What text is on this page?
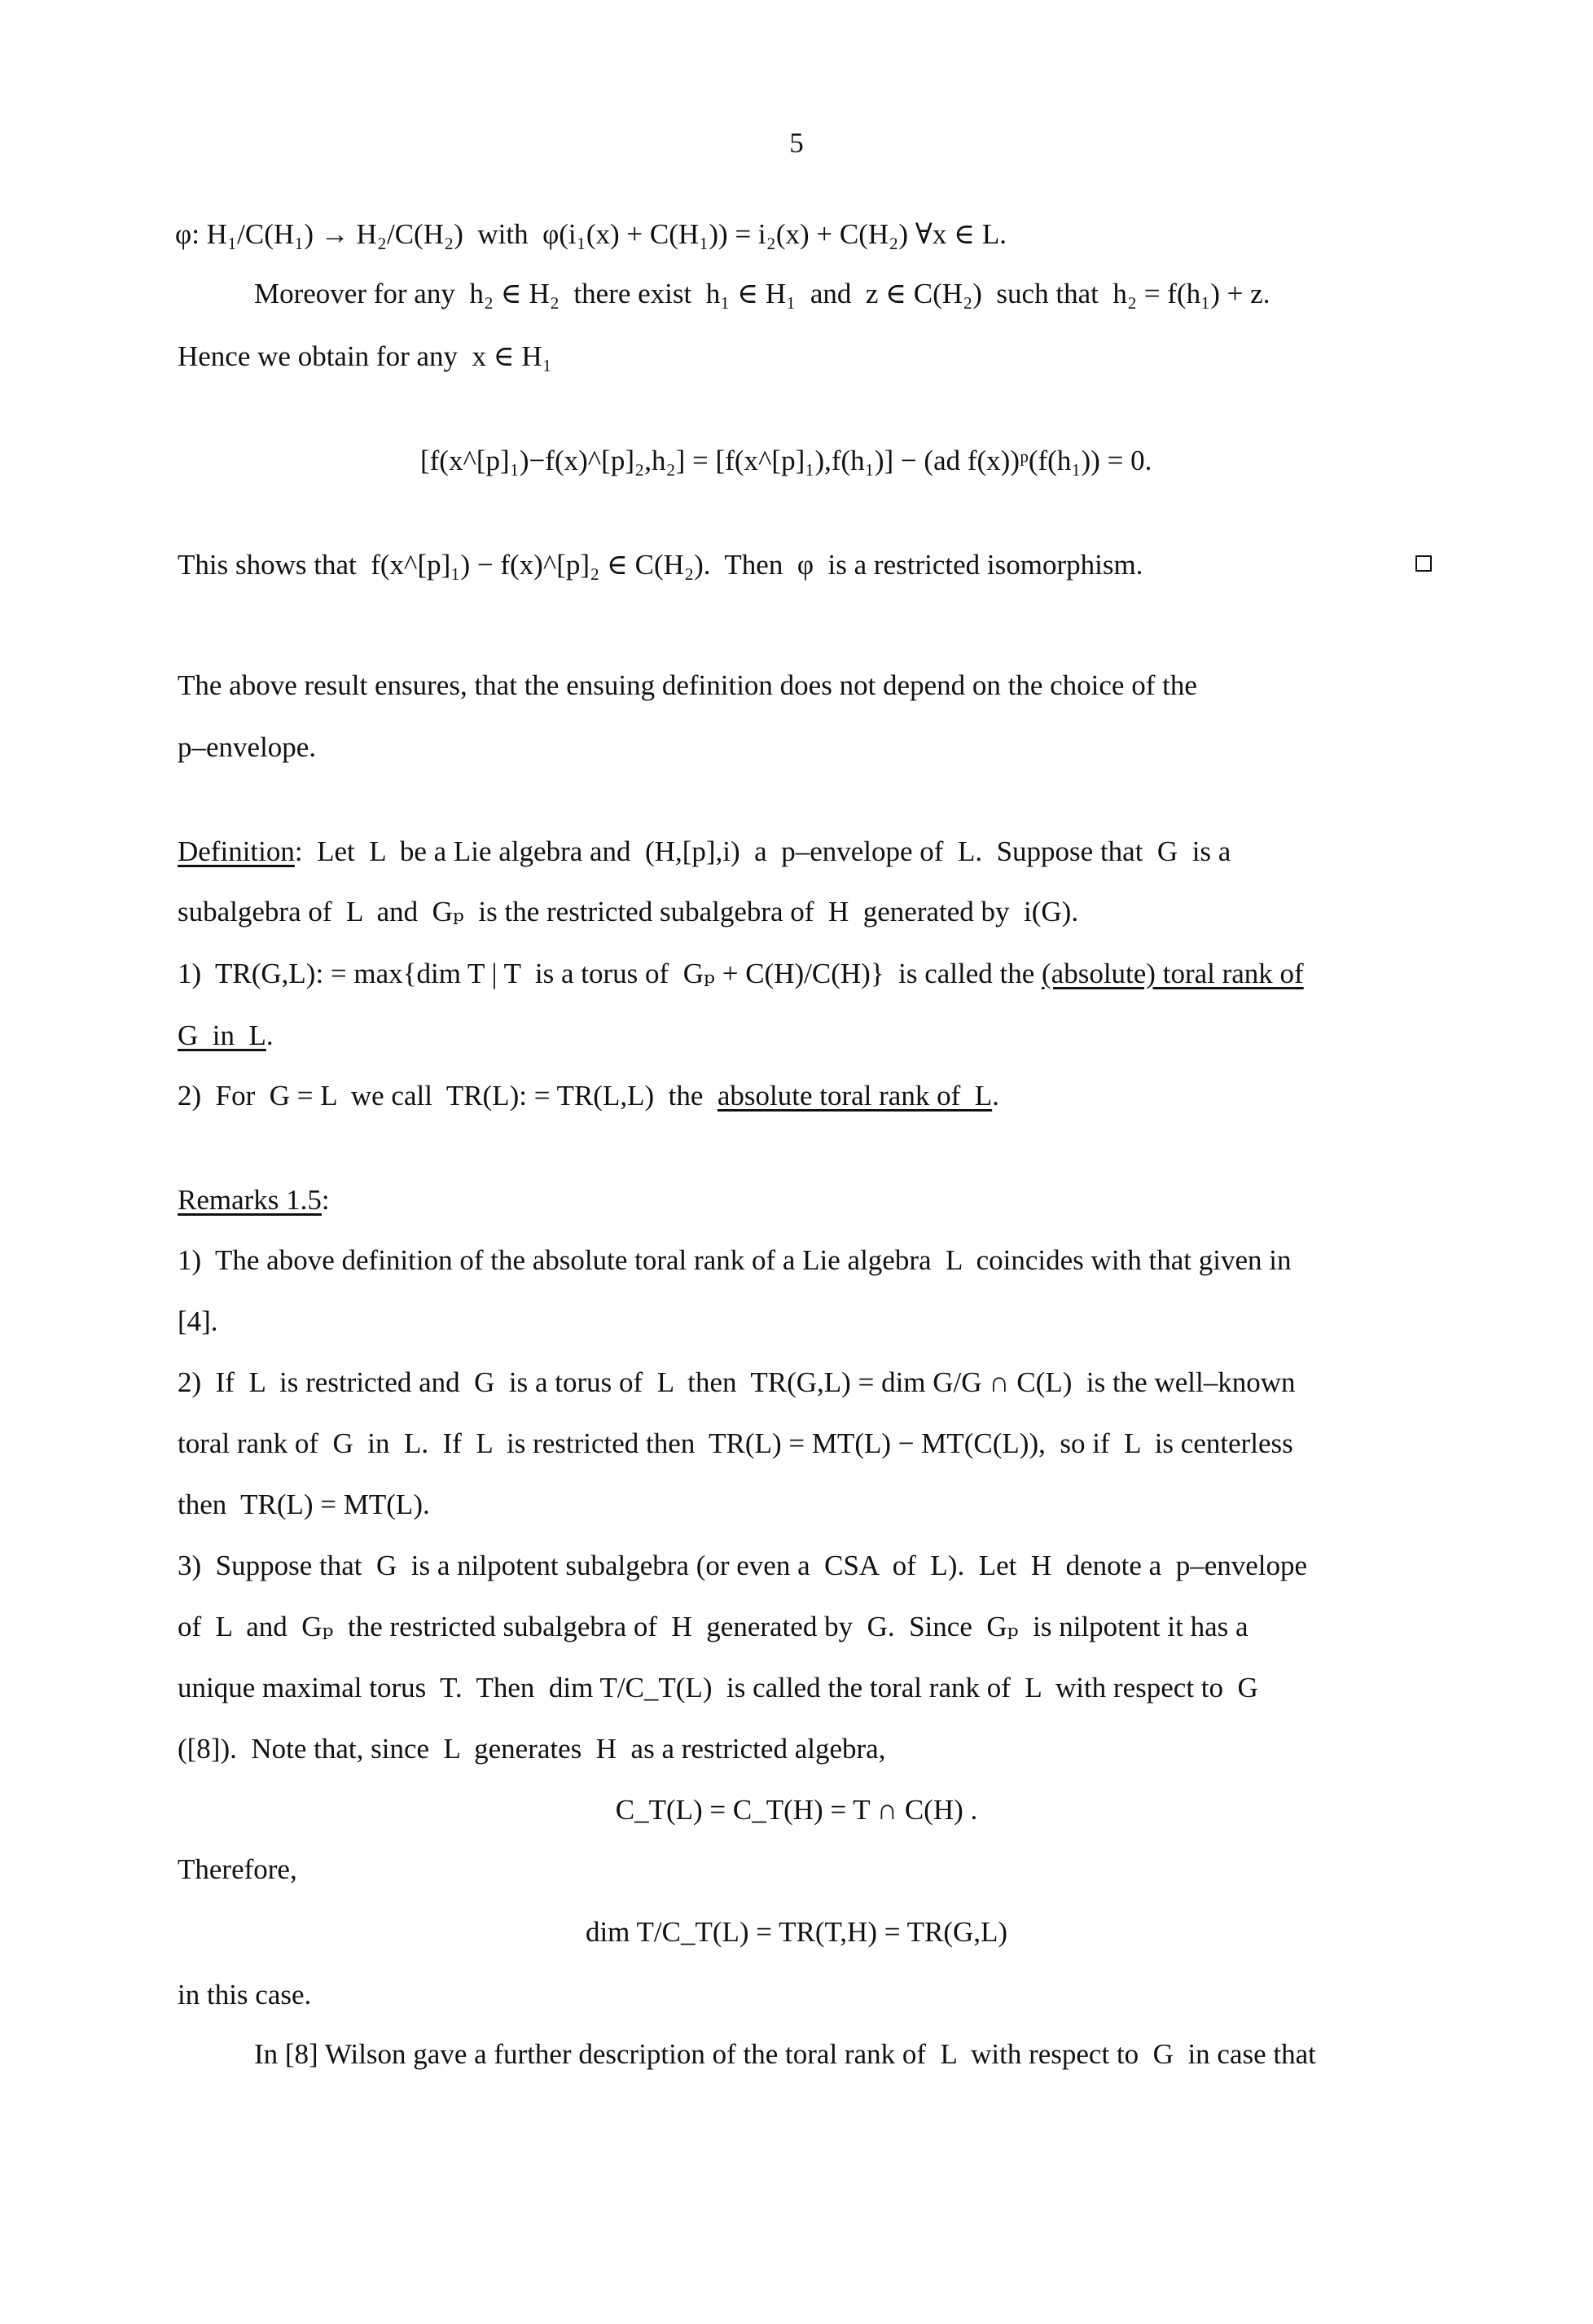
5
φ: H₁/C(H₁) → H₂/C(H₂)  with  φ(i₁(x) + C(H₁)) = i₂(x) + C(H₂) ∀x ∈ L.
Moreover for any  h₂ ∈ H₂  there exist  h₁ ∈ H₁  and  z ∈ C(H₂)  such that  h₂ = f(h₁) + z.
Hence we obtain for any  x ∈ H₁
[f(x^[p]₁)−f(x)^[p]₂,h₂] = [f(x^[p]₁),f(h₁)] − (ad f(x))ᵖ(f(h₁)) = 0.
This shows that  f(x^[p]₁) − f(x)^[p]₂ ∈ C(H₂).  Then  φ  is a restricted isomorphism.
The above result ensures, that the ensuing definition does not depend on the choice of the
p–envelope.
Definition:  Let  L  be a Lie algebra and  (H,[p],i)  a  p–envelope of  L.  Suppose that  G  is a
subalgebra of  L  and  Gₚ  is the restricted subalgebra of  H  generated by  i(G).
1)  TR(G,L): = max{dim T | T  is a torus of  Gₚ + C(H)/C(H)}  is called the (absolute) toral rank of
G  in  L.
2)  For  G = L  we call  TR(L): = TR(L,L)  the absolute toral rank of  L.
Remarks 1.5:
1)  The above definition of the absolute toral rank of a Lie algebra  L  coincides with that given in
[4].
2)  If  L  is restricted and  G  is a torus of  L  then  TR(G,L) = dim G/G ∩ C(L)  is the well–known
toral rank of  G  in  L.  If  L  is restricted then  TR(L) = MT(L) − MT(C(L)),  so if  L  is centerless
then  TR(L) = MT(L).
3)  Suppose that  G  is a nilpotent subalgebra (or even a  CSA  of  L).  Let  H  denote a  p–envelope
of  L  and  Gₚ  the restricted subalgebra of  H  generated by  G.  Since  Gₚ  is nilpotent it has a
unique maximal torus  T.  Then  dim T/C_T(L)  is called the toral rank of  L  with respect to  G
([8]).  Note that, since  L  generates  H  as a restricted algebra,
C_T(L) = C_T(H) = T ∩ C(H) .
Therefore,
dim T/C_T(L) = TR(T,H) = TR(G,L)
in this case.
In [8] Wilson gave a further description of the toral rank of  L  with respect to  G  in case that
